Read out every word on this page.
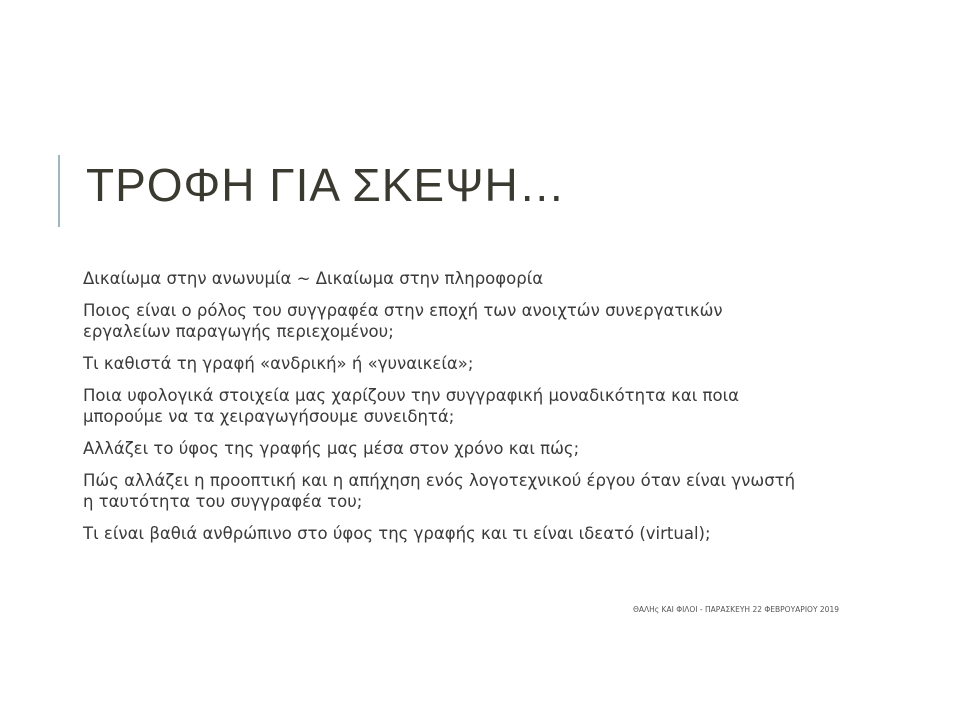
ΤΡΟΦΗ ΓΙΑ ΣΚΕΨΗ…
Δικαίωμα στην ανωνυμία ~ Δικαίωμα στην πληροφορία
Ποιος είναι ο ρόλος του συγγραφέα στην εποχή των ανοιχτών συνεργατικών εργαλείων παραγωγής περιεχομένου;
Τι καθιστά τη γραφή «ανδρική» ή «γυναικεία»;
Ποια υφολογικά στοιχεία μας χαρίζουν την συγγραφική μοναδικότητα και ποια μπορούμε να τα χειραγωγήσουμε συνειδητά;
Αλλάζει το ύφος της γραφής μας μέσα στον χρόνο και πώς;
Πώς αλλάζει η προοπτική και η απήχηση ενός λογοτεχνικού έργου όταν είναι γνωστή η ταυτότητα του συγγραφέα του;
Τι είναι βαθιά ανθρώπινο στο ύφος της γραφής και τι είναι ιδεατό (virtual);
ΘΑΛΗς ΚΑΙ ΦΙΛΟΙ - ΠΑΡΑΣΚΕΥΗ 22 ΦΕΒΡΟΥΑΡΙΟΥ 2019
